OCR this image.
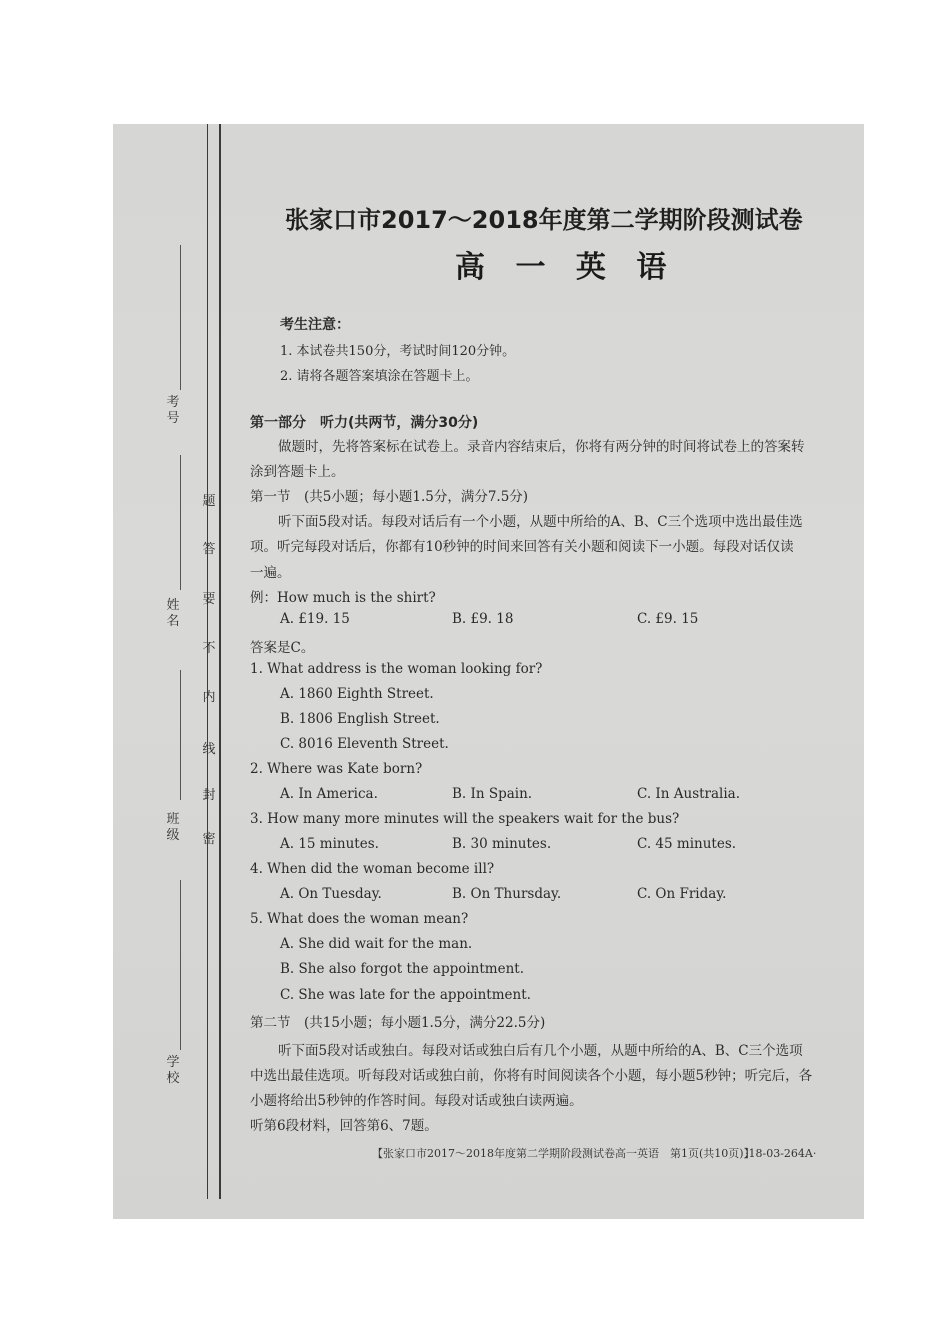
考号
姓名
班级
学校
密
封
线
内
不
要
答
题
张家口市2017～2018年度第二学期阶段测试卷
高 一 英 语
考生注意：
1. 本试卷共150分，考试时间120分钟。
2. 请将各题答案填涂在答题卡上。
第一部分　听力(共两节，满分30分)
做题时，先将答案标在试卷上。录音内容结束后，你将有两分钟的时间将试卷上的答案转
涂到答题卡上。
第一节　(共5小题；每小题1.5分，满分7.5分)
听下面5段对话。每段对话后有一个小题，从题中所给的A、B、C三个选项中选出最佳选
项。听完每段对话后，你都有10秒钟的时间来回答有关小题和阅读下一小题。每段对话仅读
一遍。
例：How much is the shirt?
A. £19. 15	B. £9. 18	C. £9. 15
答案是C。
1. What address is the woman looking for?
A. 1860 Eighth Street.
B. 1806 English Street.
C. 8016 Eleventh Street.
2. Where was Kate born?
A. In America.	B. In Spain.	C. In Australia.
3. How many more minutes will the speakers wait for the bus?
A. 15 minutes.	B. 30 minutes.	C. 45 minutes.
4. When did the woman become ill?
A. On Tuesday.	B. On Thursday.	C. On Friday.
5. What does the woman mean?
A. She did wait for the man.
B. She also forgot the appointment.
C. She was late for the appointment.
第二节　(共15小题；每小题1.5分，满分22.5分)
听下面5段对话或独白。每段对话或独白后有几个小题，从题中所给的A、B、C三个选项
中选出最佳选项。听每段对话或独白前，你将有时间阅读各个小题，每小题5秒钟；听完后，各
小题将给出5秒钟的作答时间。每段对话或独白读两遍。
听第6段材料，回答第6、7题。
【张家口市2017～2018年度第二学期阶段测试卷高一英语　第1页(共10页)】
·18-03-264A·
